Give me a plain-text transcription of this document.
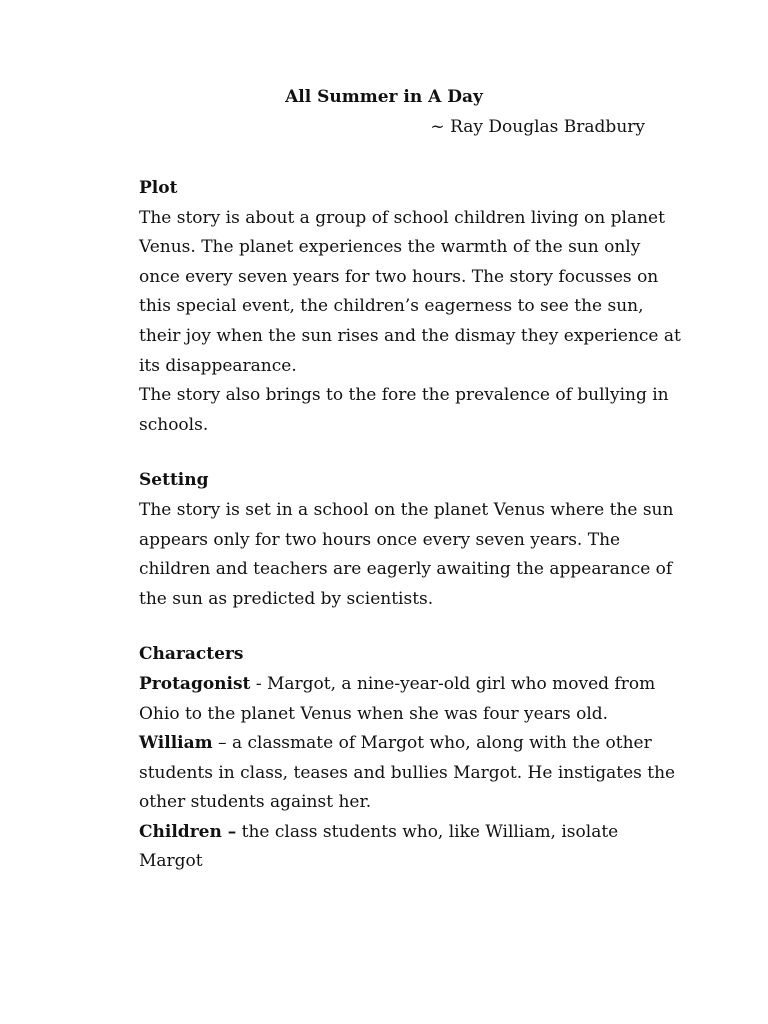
All Summer in A Day

~ Ray Douglas Bradbury

Plot

The story is about a group of school children living on planet Venus. The planet experiences the warmth of the sun only once every seven years for two hours. The story focusses on this special event, the children’s eagerness to see the sun, their joy when the sun rises and the dismay they experience at its disappearance.

The story also brings to the fore the prevalence of bullying in schools.

Setting

The story is set in a school on the planet Venus where the sun appears only for two hours once every seven years. The children and teachers are eagerly awaiting the appearance of the sun as predicted by scientists.

Characters

Protagonist - Margot, a nine-year-old girl who moved from Ohio to the planet Venus when she was four years old.

William – a classmate of Margot who, along with the other students in class, teases and bullies Margot. He instigates the other students against her.

Children – the class students who, like William, isolate Margot
